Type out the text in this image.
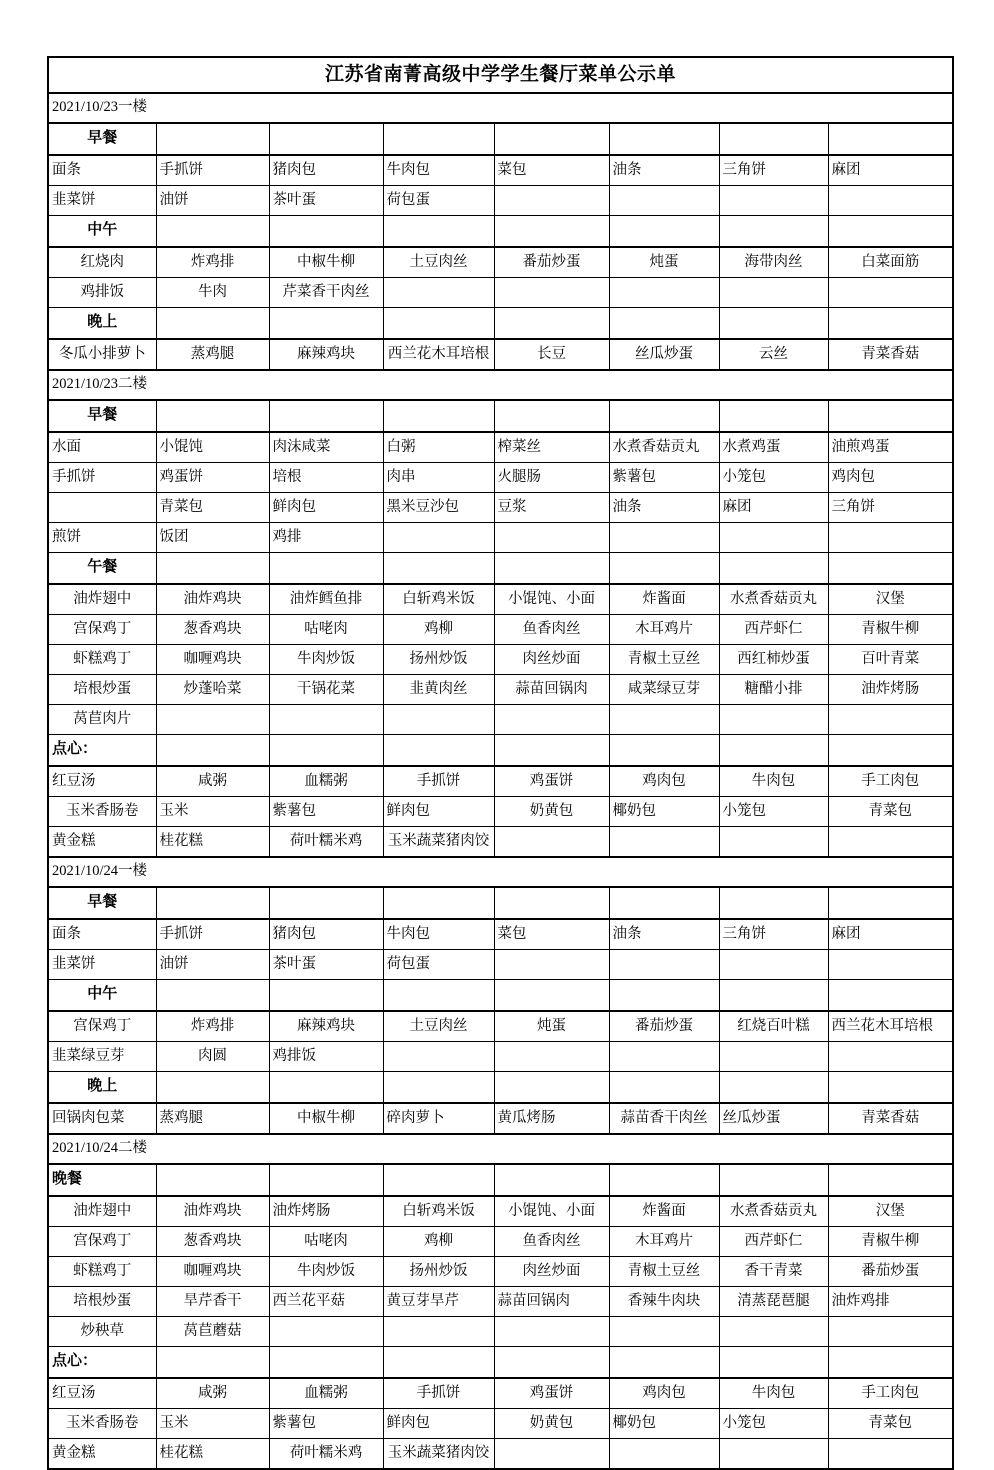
江苏省南菁高级中学学生餐厅菜单公示单							
2021/10/23一楼							
早餐							
面条	手抓饼	猪肉包	牛肉包	菜包	油条	三角饼	麻团
韭菜饼	油饼	茶叶蛋	荷包蛋				
中午							
红烧肉	炸鸡排	中椒牛柳	土豆肉丝	番茄炒蛋	炖蛋	海带肉丝	白菜面筋
鸡排饭	牛肉	芹菜香干肉丝					
晚上							
冬瓜小排萝卜	蒸鸡腿	麻辣鸡块	西兰花木耳培根	长豆	丝瓜炒蛋	云丝	青菜香菇
2021/10/23二楼							
早餐							
水面	小馄饨	肉沫咸菜	白粥	榨菜丝	水煮香菇贡丸	水煮鸡蛋	油煎鸡蛋
手抓饼	鸡蛋饼	培根	肉串	火腿肠	紫薯包	小笼包	鸡肉包
	青菜包	鲜肉包	黑米豆沙包	豆浆	油条	麻团	三角饼
煎饼	饭团	鸡排					
午餐							
油炸翅中	油炸鸡块	油炸鳕鱼排	白斩鸡米饭	小馄饨、小面	炸酱面	水煮香菇贡丸	汉堡
宫保鸡丁	葱香鸡块	咕咾肉	鸡柳	鱼香肉丝	木耳鸡片	西芹虾仁	青椒牛柳
虾糕鸡丁	咖喱鸡块	牛肉炒饭	扬州炒饭	肉丝炒面	青椒土豆丝	西红柿炒蛋	百叶青菜
培根炒蛋	炒蓬哈菜	干锅花菜	韭黄肉丝	蒜苗回锅肉	咸菜绿豆芽	糖醋小排	油炸烤肠
莴苣肉片							
点心：							
红豆汤	咸粥	血糯粥	手抓饼	鸡蛋饼	鸡肉包	牛肉包	手工肉包
玉米香肠卷	玉米	紫薯包	鲜肉包	奶黄包	椰奶包	小笼包	青菜包
黄金糕	桂花糕	荷叶糯米鸡	玉米蔬菜猪肉饺				
2021/10/24一楼							
早餐							
面条	手抓饼	猪肉包	牛肉包	菜包	油条	三角饼	麻团
韭菜饼	油饼	茶叶蛋	荷包蛋				
中午							
宫保鸡丁	炸鸡排	麻辣鸡块	土豆肉丝	炖蛋	番茄炒蛋	红烧百叶糕	西兰花木耳培根
韭菜绿豆芽	肉圆	鸡排饭					
晚上							
回锅肉包菜	蒸鸡腿	中椒牛柳	碎肉萝卜	黄瓜烤肠	蒜苗香干肉丝	丝瓜炒蛋	青菜香菇
2021/10/24二楼							
晚餐							
油炸翅中	油炸鸡块	油炸烤肠	白斩鸡米饭	小馄饨、小面	炸酱面	水煮香菇贡丸	汉堡
宫保鸡丁	葱香鸡块	咕咾肉	鸡柳	鱼香肉丝	木耳鸡片	西芹虾仁	青椒牛柳
虾糕鸡丁	咖喱鸡块	牛肉炒饭	扬州炒饭	肉丝炒面	青椒土豆丝	香干青菜	番茄炒蛋
培根炒蛋	旱芹香干	西兰花平菇	黄豆芽旱芹	蒜苗回锅肉	香辣牛肉块	清蒸琵琶腿	油炸鸡排
炒秧草	莴苣蘑菇						
点心：							
红豆汤	咸粥	血糯粥	手抓饼	鸡蛋饼	鸡肉包	牛肉包	手工肉包
玉米香肠卷	玉米	紫薯包	鲜肉包	奶黄包	椰奶包	小笼包	青菜包
黄金糕	桂花糕	荷叶糯米鸡	玉米蔬菜猪肉饺				
